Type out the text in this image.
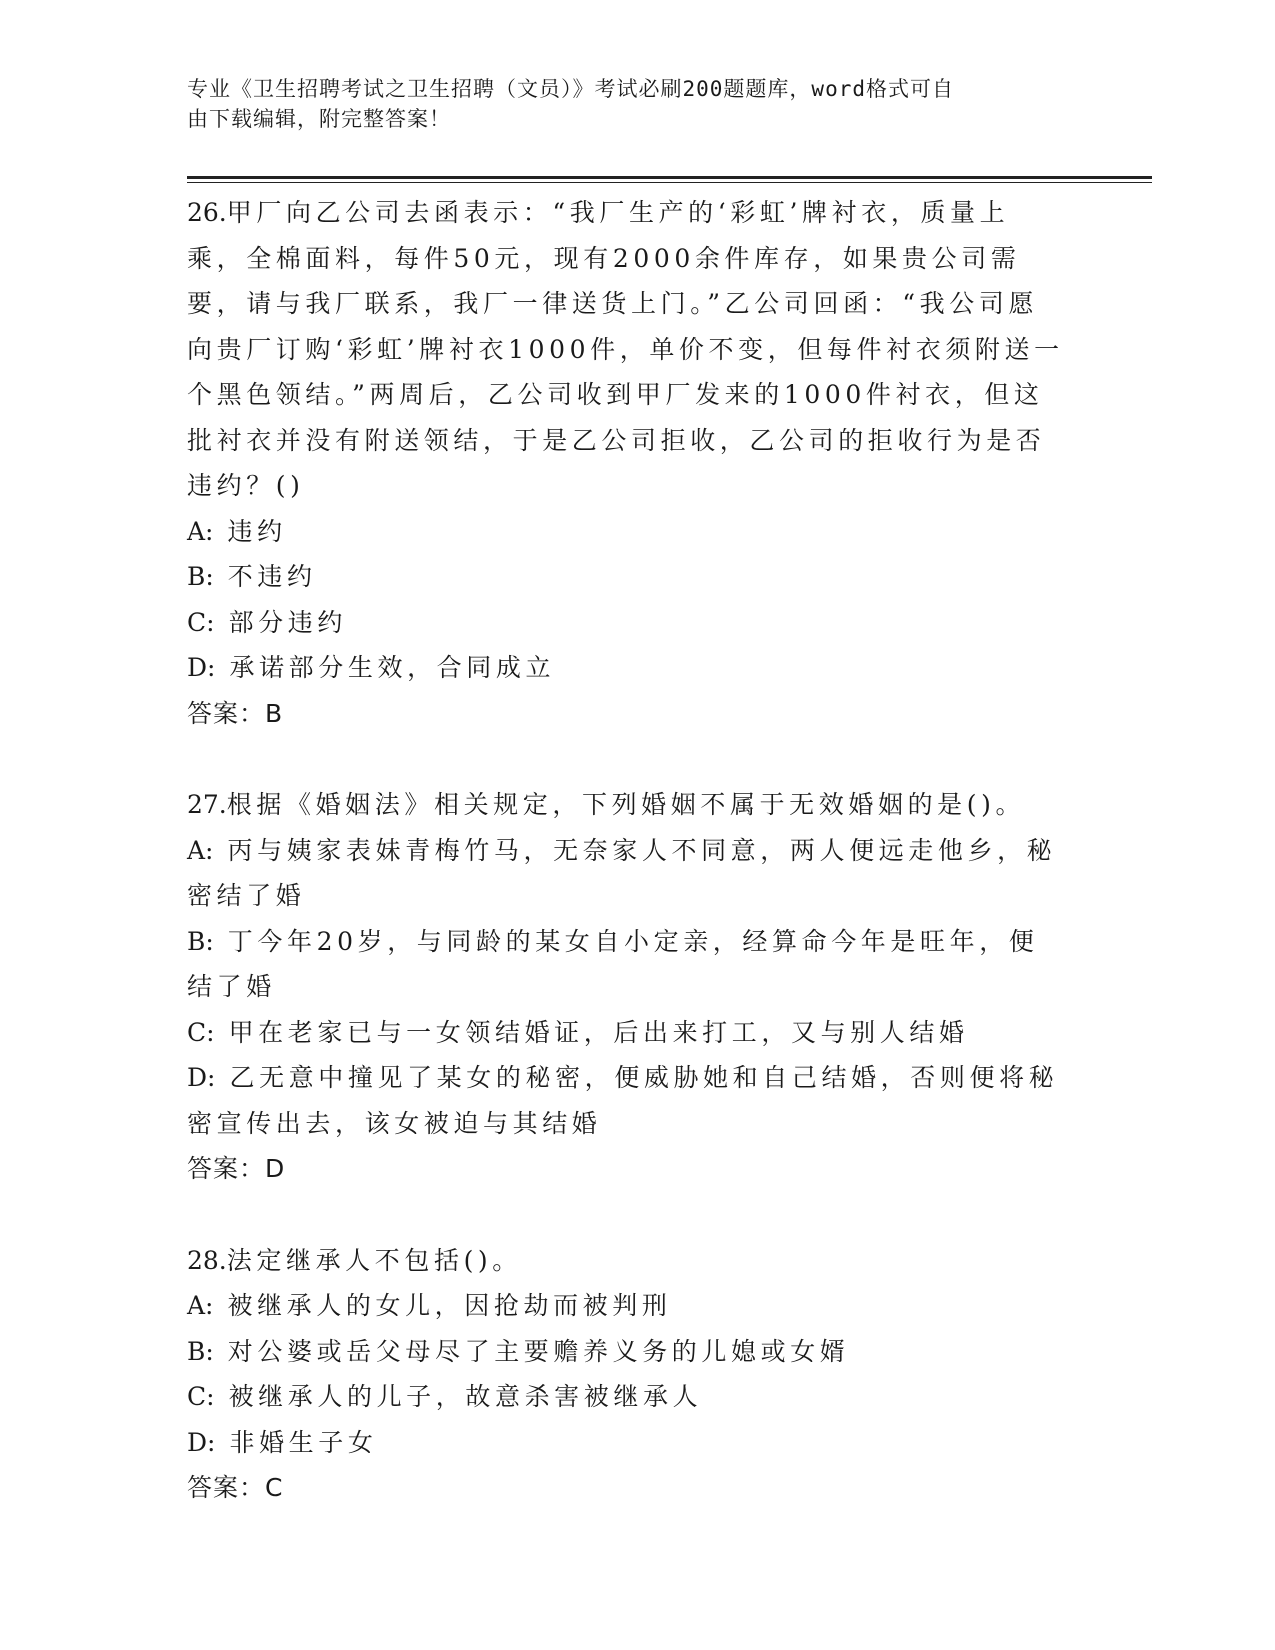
专业《卫生招聘考试之卫生招聘（文员）》考试必刷200题题库，word格式可自
由下载编辑，附完整答案！
26.甲厂向乙公司去函表示：“我厂生产的‘彩虹’牌衬衣，质量上乘，全棉面料，每件50元，现有2000余件库存，如果贵公司需要，请与我厂联系，我厂一律送货上门。”乙公司回函：“我公司愿向贵厂订购‘彩虹’牌衬衣1000件，单价不变，但每件衬衣须附送一个黑色领结。”两周后，乙公司收到甲厂发来的1000件衬衣，但这批衬衣并没有附送领结，于是乙公司拒收，乙公司的拒收行为是否违约？()
A: 违约
B: 不违约
C: 部分违约
D: 承诺部分生效，合同成立
答案：B
27.根据《婚姻法》相关规定，下列婚姻不属于无效婚姻的是()。
A: 丙与姨家表妹青梅竹马，无奈家人不同意，两人便远走他乡，秘密结了婚
B: 丁今年20岁，与同龄的某女自小定亲，经算命今年是旺年，便结了婚
C: 甲在老家已与一女领结婚证，后出来打工，又与别人结婚
D: 乙无意中撞见了某女的秘密，便威胁她和自己结婚，否则便将秘密宣传出去，该女被迫与其结婚
答案：D
28.法定继承人不包括()。
A: 被继承人的女儿，因抢劫而被判刑
B: 对公婆或岳父母尽了主要赡养义务的儿媳或女婿
C: 被继承人的儿子，故意杀害被继承人
D: 非婚生子女
答案：C
